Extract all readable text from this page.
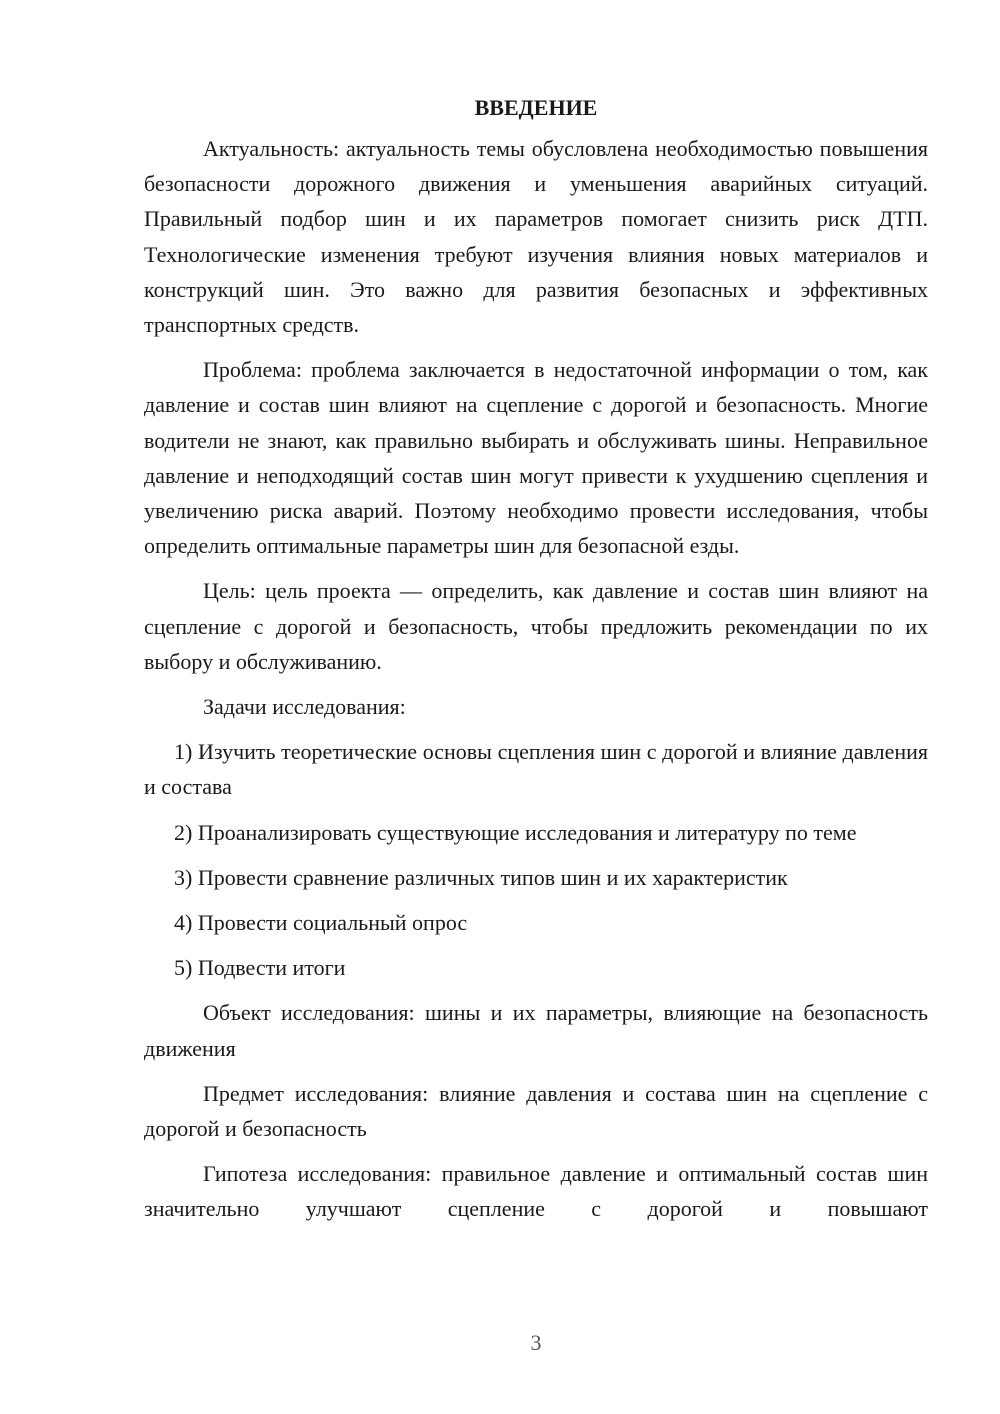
ВВЕДЕНИЕ

Актуальность: актуальность темы обусловлена необходимостью повышения безопасности дорожного движения и уменьшения аварийных ситуаций. Правильный подбор шин и их параметров помогает снизить риск ДТП. Технологические изменения требуют изучения влияния новых материалов и конструкций шин. Это важно для развития безопасных и эффективных транспортных средств.

Проблема: проблема заключается в недостаточной информации о том, как давление и состав шин влияют на сцепление с дорогой и безопасность. Многие водители не знают, как правильно выбирать и обслуживать шины. Неправильное давление и неподходящий состав шин могут привести к ухудшению сцепления и увеличению риска аварий. Поэтому необходимо провести исследования, чтобы определить оптимальные параметры шин для безопасной езды.

Цель: цель проекта — определить, как давление и состав шин влияют на сцепление с дорогой и безопасность, чтобы предложить рекомендации по их выбору и обслуживанию.

Задачи исследования:

1) Изучить теоретические основы сцепления шин с дорогой и влияние давления и состава

2) Проанализировать существующие исследования и литературу по теме

3) Провести сравнение различных типов шин и их характеристик

4) Провести социальный опрос

5) Подвести итоги

Объект исследования: шины и их параметры, влияющие на безопасность движения

Предмет исследования: влияние давления и состава шин на сцепление с дорогой и безопасность

Гипотеза исследования: правильное давление и оптимальный состав шин значительно улучшают сцепление с дорогой и повышают

3
